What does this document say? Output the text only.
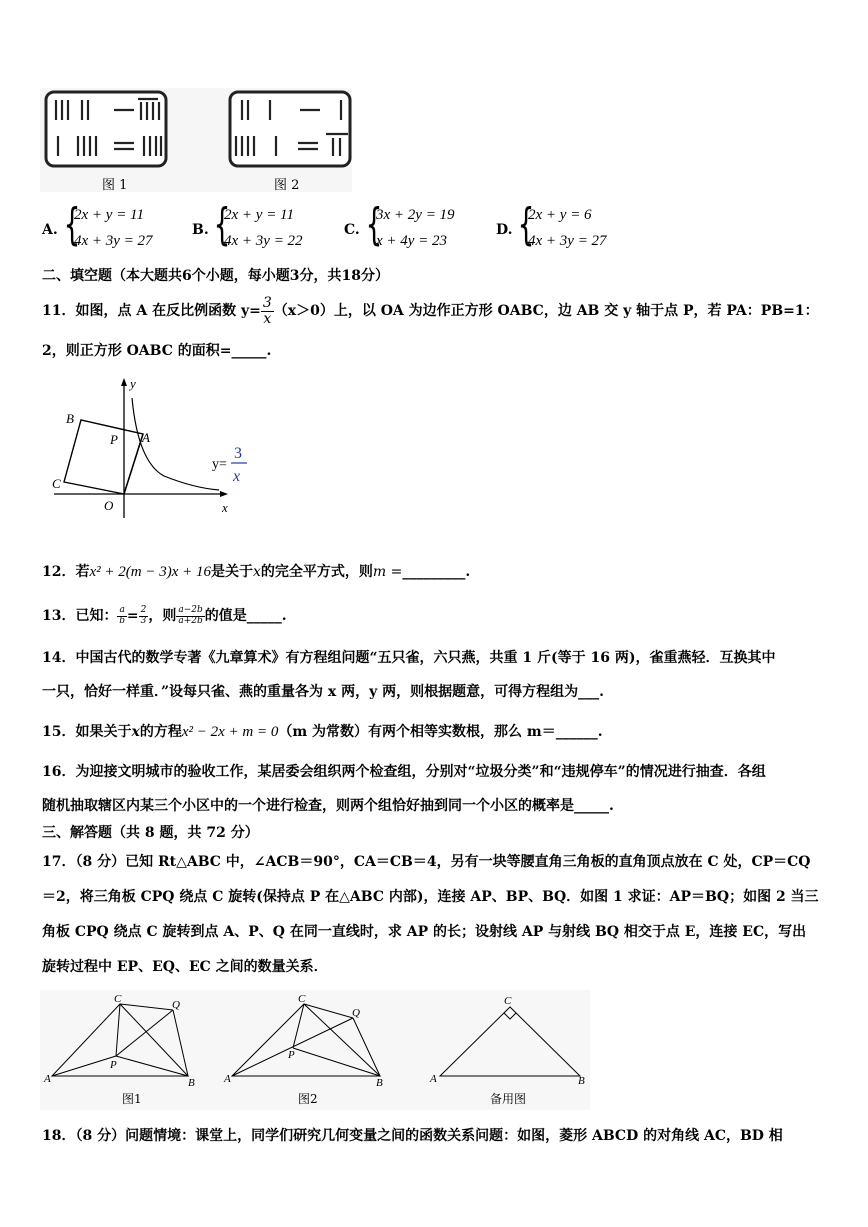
图 1	图 2
A. {
2x + y = 11
4x + 3y = 27
B. {
2x + y = 11
4x + 3y = 22
C. {
3x + 2y = 19
x + 4y = 23
D. {
2x + y = 6
4x + 3y = 27
二、填空题（本大题共6个小题，每小题3分，共18分）
11．如图，点 A 在反比例函数 $y= \frac{3}{x} (x>0)$上，以 OA 为边作正方形 OABC，边 AB 交 y 轴于点 P，若 PA：PB=1：
2，则正方形 OABC 的面积=_____.
B
P A
C
O	x
y
y=
3
x
12．若x² + 2(m − 3)x + 16是关于x的完全平方式，则m =_________.
13．已知： $\frac{a}{b} = \frac{2}{3}$ ，则 $\frac{a-2b}{a+2b}$ 的值是_____.
14．中国古代的数学专著《九章算术》有方程组问题“五只雀，六只燕，共重 1 斤(等于 16 两)，雀重燕轻．互换其中
一只，恰好一样重．”设每只雀、燕的重量各为 x 两，y 两，则根据题意，可得方程组为___.
15．如果关于x的方程x² − 2x + m = 0（m 为常数）有两个相等实数根，那么 m＝______.
16．为迎接文明城市的验收工作，某居委会组织两个检查组，分别对“垃圾分类”和“违规停车”的情况进行抽查．各组
随机抽取辖区内某三个小区中的一个进行检查，则两个组恰好抽到同一个小区的概率是_____.
三、解答题（共 8 题，共 72 分）
17．（8 分）已知 Rt△ABC 中，∠ACB＝90°，CA＝CB＝4，另有一块等腰直角三角板的直角顶点放在 C 处，CP＝CQ
＝2，将三角板 CPQ 绕点 C 旋转(保持点 P 在△ABC 内部)，连接 AP、BP、BQ．如图 1 求证：AP＝BQ；如图 2 当三
角板 CPQ 绕点 C 旋转到点 A、P、Q 在同一直线时，求 AP 的长；设射线 AP 与射线 BQ 相交于点 E，连接 EC，写出
旋转过程中 EP、EQ、EC 之间的数量关系．
A	B
C
P
Q
A	B
C
P
Q
A	B
C
图1	图2	备用图
18．（8 分）问题情境：课堂上，同学们研究几何变量之间的函数关系问题：如图，菱形 ABCD 的对角线 AC，BD 相
